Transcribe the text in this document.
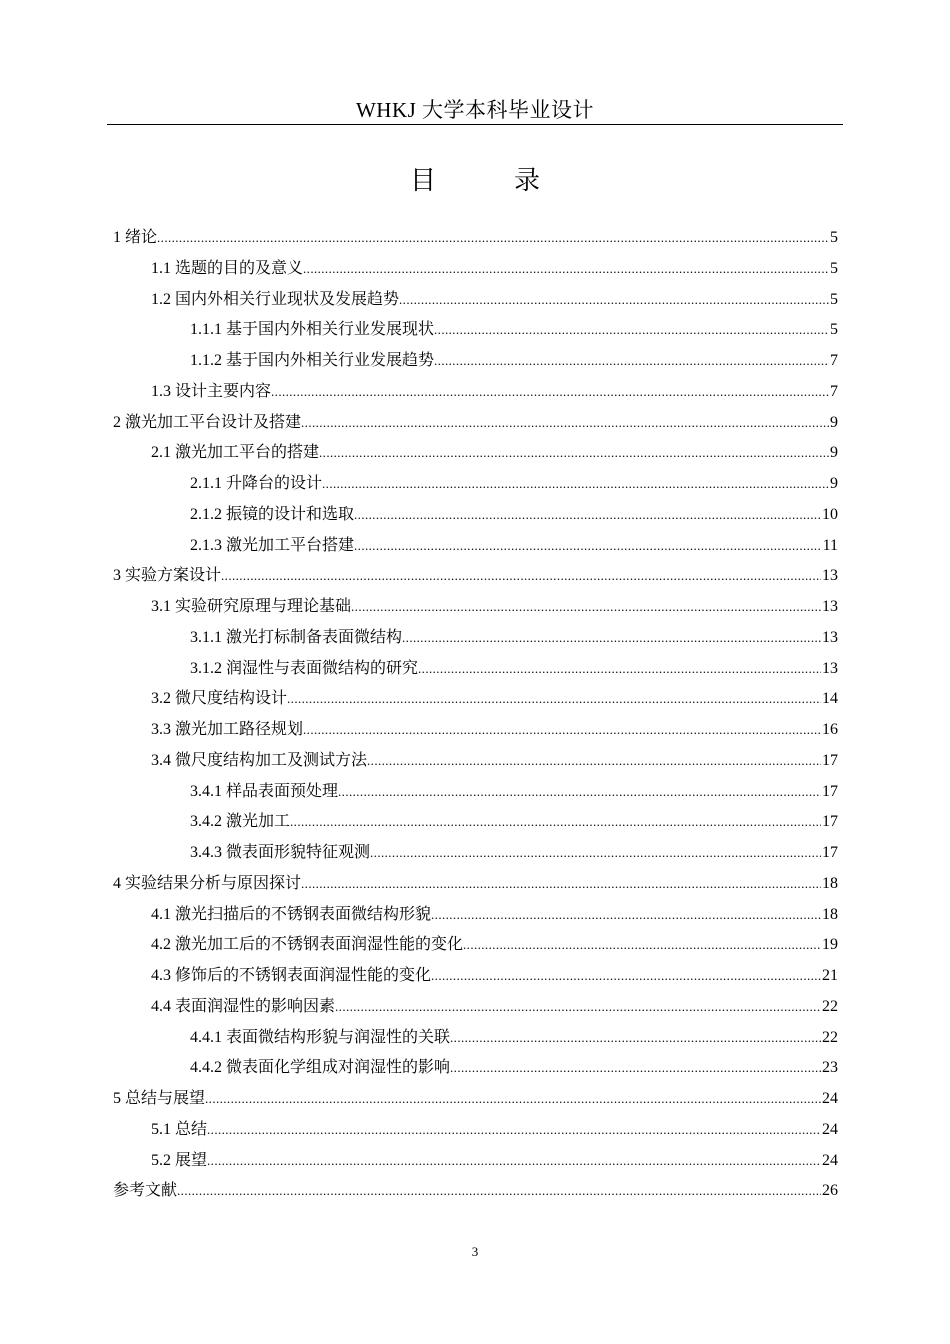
WHKJ 大学本科毕业设计
目　录
1 绪论 .....	5
1.1 选题的目的及意义 .....	5
1.2 国内外相关行业现状及发展趋势 .....	5
1.1.1 基于国内外相关行业发展现状 .....	5
1.1.2 基于国内外相关行业发展趋势 .....	7
1.3 设计主要内容 .....	7
2 激光加工平台设计及搭建 .....	9
2.1 激光加工平台的搭建 .....	9
2.1.1 升降台的设计 .....	9
2.1.2 振镜的设计和选取 .....	10
2.1.3 激光加工平台搭建 .....	11
3 实验方案设计 .....	13
3.1 实验研究原理与理论基础 .....	13
3.1.1 激光打标制备表面微结构 .....	13
3.1.2 润湿性与表面微结构的研究 .....	13
3.2 微尺度结构设计 .....	14
3.3 激光加工路径规划 .....	16
3.4 微尺度结构加工及测试方法 .....	17
3.4.1 样品表面预处理 .....	17
3.4.2 激光加工 .....	17
3.4.3 微表面形貌特征观测 .....	17
4 实验结果分析与原因探讨 .....	18
4.1 激光扫描后的不锈钢表面微结构形貌 .....	18
4.2 激光加工后的不锈钢表面润湿性能的变化 .....	19
4.3 修饰后的不锈钢表面润湿性能的变化 .....	21
4.4 表面润湿性的影响因素 .....	22
4.4.1 表面微结构形貌与润湿性的关联 .....	22
4.4.2 微表面化学组成对润湿性的影响 .....	23
5 总结与展望 .....	24
5.1 总结 .....	24
5.2 展望 .....	24
参考文献 .....	26
3
